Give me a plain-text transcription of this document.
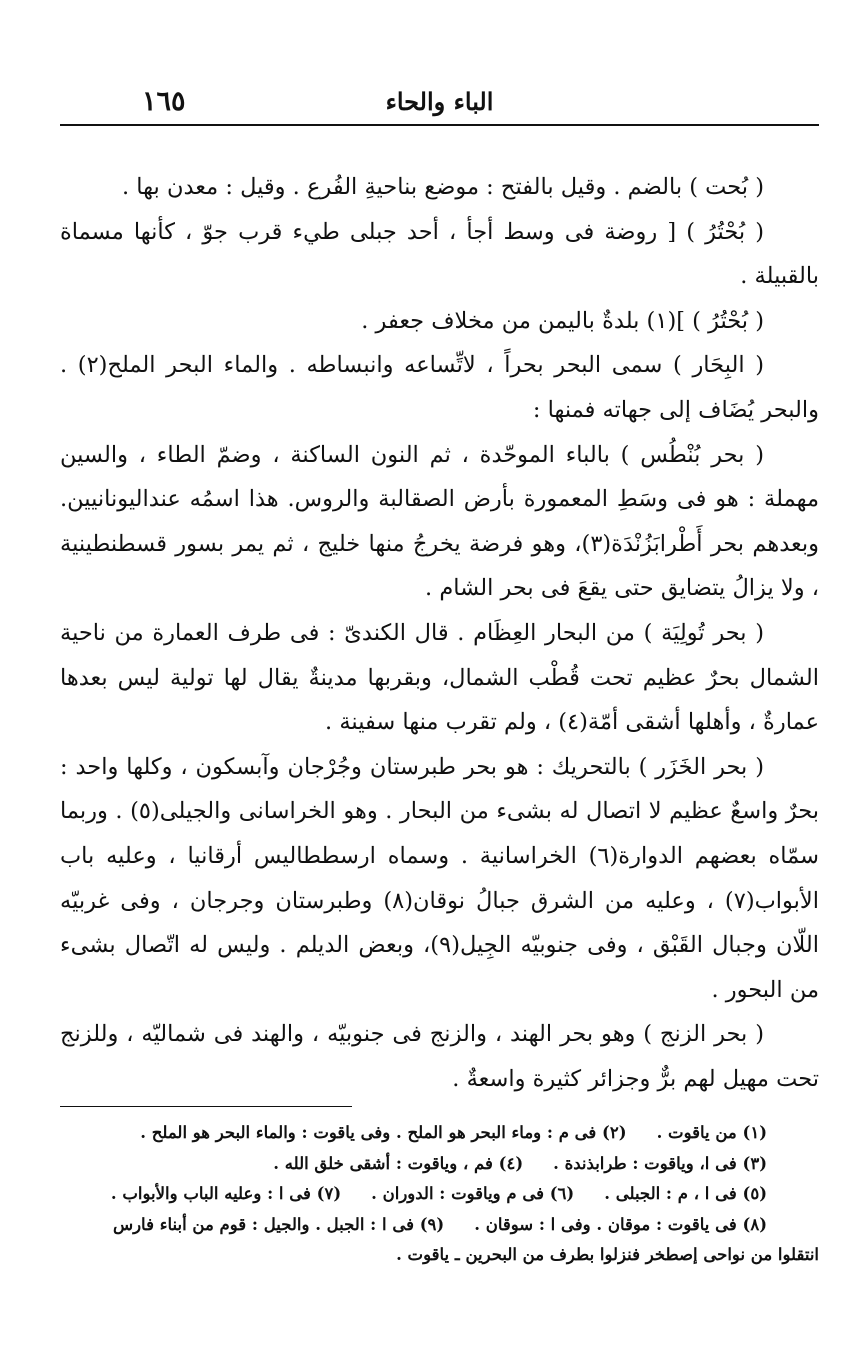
١٦٥	الباء والحاء

( بُحت ) بالضم . وقيل بالفتح : موضع بناحيةِ الفُرع . وقيل : معدن بها .

( بُحْتُرُ ) [ روضة فى وسط أجأ ، أحد جبلى طيء قرب جوّ ، كأنها مسماة بالقبيلة .

( بُحْتُرُ ) ](١) بلدةٌ باليمن من مخلاف جعفر .

( البِحَار ) سمى البحر بحراً ، لاتِّساعه وانبساطه . والماء البحر الملح(٢) . والبحر يُضَاف إلى جهاته فمنها :

( بحر بُنْطُس ) بالباء الموحّدة ، ثم النون الساكنة ، وضمّ الطاء ، والسين مهملة : هو فى وسَطِ المعمورة بأرض الصقالبة والروس. هذا اسمُه عنداليونانيين. وبعدهم بحر أَطْرابَزُنْدَة(٣)، وهو فرضة يخرجُ منها خليج ، ثم يمر بسور قسطنطينية ، ولا يزالُ يتضايق حتى يقعَ فى بحر الشام .

( بحر تُولِيَة ) من البحار العِظَام . قال الكندىّ : فى طرف العمارة من ناحية الشمال بحرٌ عظيم تحت قُطْب الشمال، وبقربها مدينةٌ يقال لها تولية ليس بعدها عمارةٌ ، وأهلها أشقى أمّة(٤) ، ولم تقرب منها سفينة .

( بحر الخَزَر ) بالتحريك : هو بحر طبرستان وجُرْجان وآبسكون ، وكلها واحد : بحرٌ واسعٌ عظيم لا اتصال له بشىء من البحار . وهو الخراسانى والجيلى(٥) . وربما سمّاه بعضهم الدوارة(٦) الخراسانية . وسماه ارسططاليس أرقانيا ، وعليه باب الأبواب(٧) ، وعليه من الشرق جبالُ نوقان(٨) وطبرستان وجرجان ، وفى غربيّه اللّان وجبال القَبْق ، وفى جنوبيّه الجِيل(٩)، وبعض الديلم . وليس له اتّصال بشىء من البحور .

( بحر الزنج ) وهو بحر الهند ، والزنج فى جنوبيّه ، والهند فى شماليّه ، وللزنج تحت مهيل لهم برٌّ وجزائر كثيرة واسعةٌ .

(١) من ياقوت .(٢) فى م : وماء البحر هو الملح . وفى ياقوت : والماء البحر هو الملح .

(٣) فى ا، وياقوت : طرابذندة .(٤) فم ، وياقوت : أشقى خلق الله .

(٥) فى ا ، م : الجبلى .(٦) فى م وياقوت : الدوران .(٧) فى ا : وعليه الباب والأبواب .

(٨) فى ياقوت : موقان . وفى ا : سوقان .(٩) فى ا : الجبل . والجيل : قوم من أبناء فارس

انتقلوا من نواحى إصطخر فنزلوا بطرف من البحرين ـ ياقوت .
